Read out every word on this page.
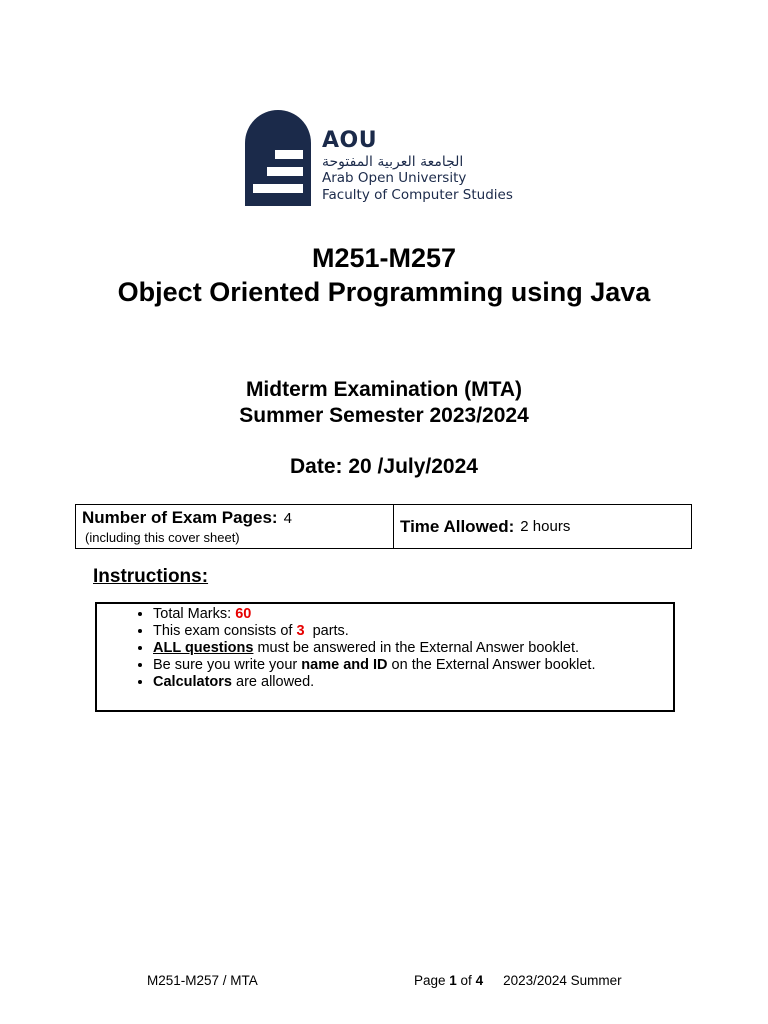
AOU
الجامعة العربية المفتوحة
Arab Open University
Faculty of Computer Studies
M251-M257
Object Oriented Programming using Java
Midterm Examination (MTA)
Summer Semester 2023/2024
Date: 20 /July/2024
Number of Exam Pages: 4
(including this cover sheet)
Time Allowed: 2 hours
Instructions:
• Total Marks: 60
• This exam consists of 3  parts.
• ALL questions must be answered in the External Answer booklet.
• Be sure you write your name and ID on the External Answer booklet.
• Calculators are allowed.
M251-M257 / MTA	Page 1 of 4 2023/2024 Summer
